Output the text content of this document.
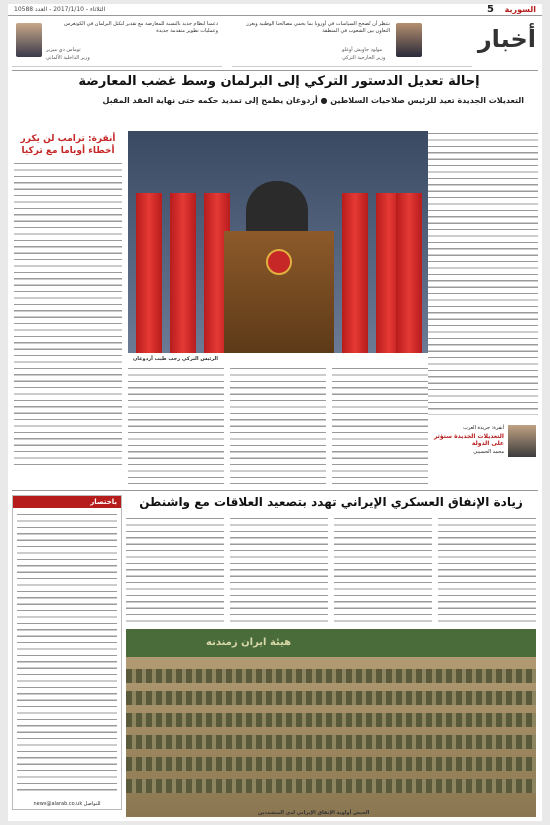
السورية
5
الثلاثاء - 2017/1/10 - العدد 10588
أخبار
دعمنا لنظام جديد بالنسبة للمعارضة مع تقدير لتكتل البرلمان في الكونغرس وعمليات تطوير متقدمة جديدة
توماس دي ميزير
وزير الداخلية الألماني
ننتظر أن تُصحح السياسات في أوروبا بما يحمي مصالحنا الوطنية ويعزز التعاون بين الشعوب في المنطقة
مولود جاويش أوغلو
وزير الخارجية التركي
إحالة تعديل الدستور التركي إلى البرلمان وسط غضب المعارضة
التعديلات الجديدة تعيد للرئيس صلاحيات السلاطين ● أردوغان يطمح إلى تمديد حكمه حتى نهاية العقد المقبل
أنقرة: ترامب لن يكرر أخطاء أوباما مع تركيا
الرئيس التركي رجب طيب أردوغان
أنقرة: جريدة العرب
التعديلات الجديدة ستؤثر على الدولة
محمد الحسيني
باختصار
للتواصل news@alarab.co.uk
زيادة الإنفاق العسكري الإيراني تهدد بتصعيد العلاقات مع واشنطن
هيئة ایران زمندنه
الجيش أولوية الإنفاق الإيراني لدى المتشددين
